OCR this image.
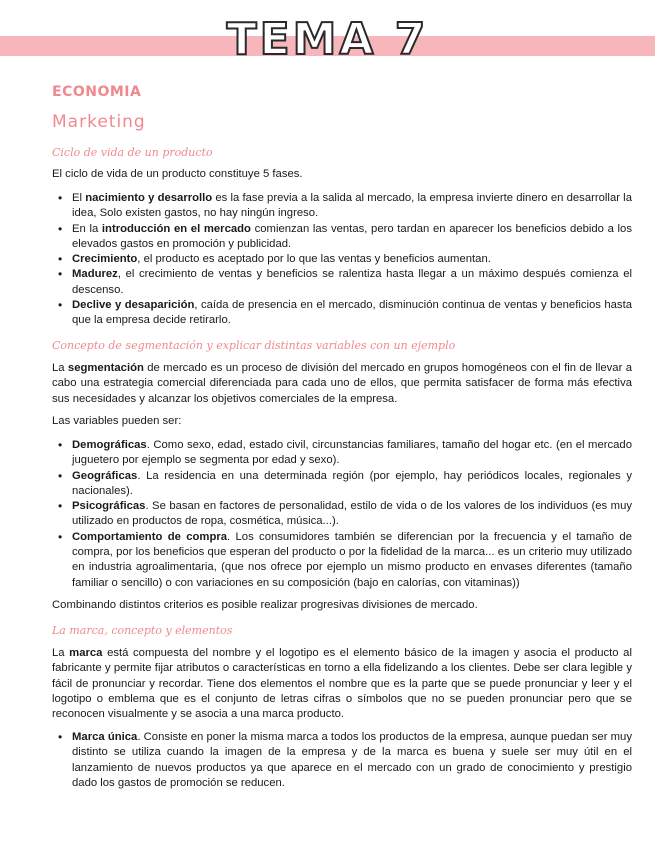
TEMA 7
ECONOMIA
Marketing
Ciclo de vida de un producto
El ciclo de vida de un producto constituye 5 fases.
• El nacimiento y desarrollo es la fase previa a la salida al mercado, la empresa invierte dinero en desarrollar la idea, Solo existen gastos, no hay ningún ingreso.
• En la introducción en el mercado comienzan las ventas, pero tardan en aparecer los beneficios debido a los elevados gastos en promoción y publicidad.
• Crecimiento, el producto es aceptado por lo que las ventas y beneficios aumentan.
• Madurez, el crecimiento de ventas y beneficios se ralentiza hasta llegar a un máximo después comienza el descenso.
• Declive y desaparición, caída de presencia en el mercado, disminución continua de ventas y beneficios hasta que la empresa decide retirarlo.
Concepto de segmentación y explicar distintas variables con un ejemplo
La segmentación de mercado es un proceso de división del mercado en grupos homogéneos con el fin de llevar a cabo una estrategia comercial diferenciada para cada uno de ellos, que permita satisfacer de forma más efectiva sus necesidades y alcanzar los objetivos comerciales de la empresa.
Las variables pueden ser:
• Demográficas. Como sexo, edad, estado civil, circunstancias familiares, tamaño del hogar etc. (en el mercado juguetero por ejemplo se segmenta por edad y sexo).
• Geográficas. La residencia en una determinada región (por ejemplo, hay periódicos locales, regionales y nacionales).
• Psicográficas. Se basan en factores de personalidad, estilo de vida o de los valores de los individuos (es muy utilizado en productos de ropa, cosmética, música...).
• Comportamiento de compra. Los consumidores también se diferencian por la frecuencia y el tamaño de compra, por los beneficios que esperan del producto o por la fidelidad de la marca... es un criterio muy utilizado en industria agroalimentaria, (que nos ofrece por ejemplo un mismo producto en envases diferentes (tamaño familiar o sencillo) o con variaciones en su composición (bajo en calorías, con vitaminas))
Combinando distintos criterios es posible realizar progresivas divisiones de mercado.
La marca, concepto y elementos
La marca está compuesta del nombre y el logotipo es el elemento básico de la imagen y asocia el producto al fabricante y permite fijar atributos o características en torno a ella fidelizando a los clientes. Debe ser clara legible y fácil de pronunciar y recordar. Tiene dos elementos el nombre que es la parte que se puede pronunciar y leer y el logotipo o emblema que es el conjunto de letras cifras o símbolos que no se pueden pronunciar pero que se reconocen visualmente y se asocia a una marca producto.
• Marca única. Consiste en poner la misma marca a todos los productos de la empresa, aunque puedan ser muy distinto se utiliza cuando la imagen de la empresa y de la marca es buena y suele ser muy útil en el lanzamiento de nuevos productos ya que aparece en el mercado con un grado de conocimiento y prestigio dado los gastos de promoción se reducen.
